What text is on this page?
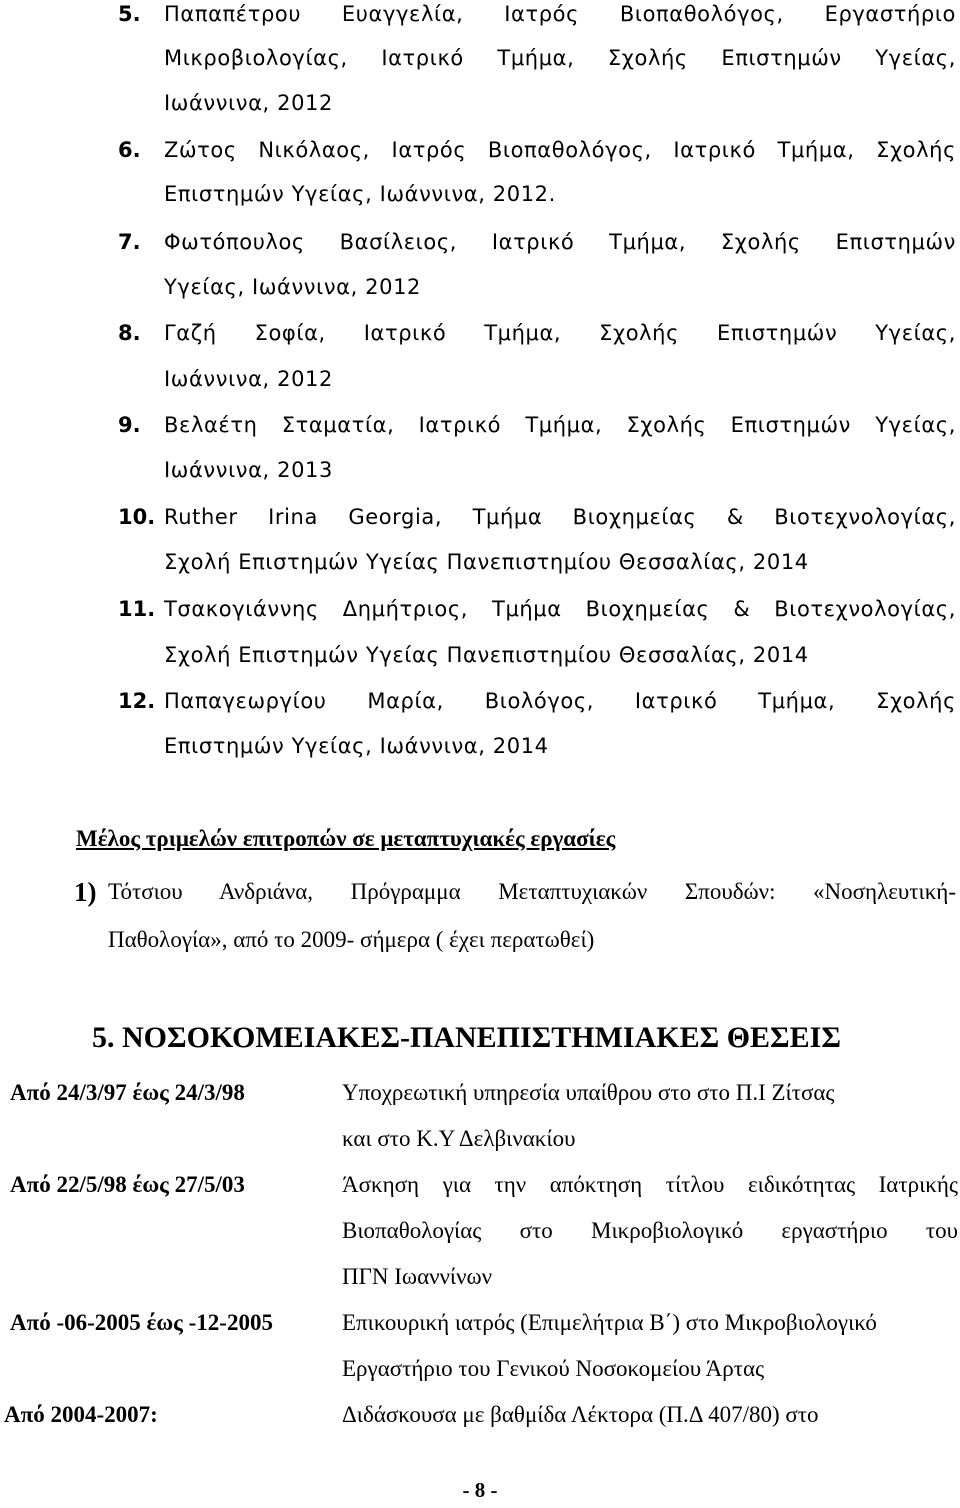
5. Παπαπέτρου Ευαγγελία, Ιατρός Βιοπαθολόγος, Εργαστήριο
Μικροβιολογίας, Ιατρικό Τμήμα, Σχολής Επιστημών Υγείας,
Ιωάννινα, 2012
6. Ζώτος Νικόλαος, Ιατρός Βιοπαθολόγος, Ιατρικό Τμήμα, Σχολής
Επιστημών Υγείας, Ιωάννινα, 2012.
7. Φωτόπουλος Βασίλειος, Ιατρικό Τμήμα, Σχολής Επιστημών
Υγείας, Ιωάννινα, 2012
8. Γαζή Σοφία, Ιατρικό Τμήμα, Σχολής Επιστημών Υγείας,
Ιωάννινα, 2012
9. Βελαέτη Σταματία, Ιατρικό Τμήμα, Σχολής Επιστημών Υγείας,
Ιωάννινα, 2013
10. Ruther Irina Georgia, Τμήμα Βιοχημείας & Βιοτεχνολογίας,
Σχολή Επιστημών Υγείας Πανεπιστημίου Θεσσαλίας, 2014
11. Τσακογιάννης Δημήτριος, Τμήμα Βιοχημείας & Βιοτεχνολογίας,
Σχολή Επιστημών Υγείας Πανεπιστημίου Θεσσαλίας, 2014
12. Παπαγεωργίου Μαρία, Βιολόγος, Ιατρικό Τμήμα, Σχολής
Επιστημών Υγείας, Ιωάννινα, 2014
Μέλος τριμελών επιτροπών σε μεταπτυχιακές εργασίες
1) Τότσιου Ανδριάνα, Πρόγραμμα Μεταπτυχιακών Σπουδών: «Νοσηλευτική-
Παθολογία», από το 2009- σήμερα ( έχει περατωθεί)
5. ΝΟΣΟΚΟΜΕΙΑΚΕΣ-ΠΑΝΕΠΙΣΤΗΜΙΑΚΕΣ ΘΕΣΕΙΣ
Από 24/3/97 έως 24/3/98	Υποχρεωτική υπηρεσία υπαίθρου στο στο Π.Ι Ζίτσας
και στο Κ.Υ Δελβινακίου
Από 22/5/98 έως 27/5/03	Άσκηση για την απόκτηση τίτλου ειδικότητας Ιατρικής
Βιοπαθολογίας στο Μικροβιολογικό εργαστήριο του
ΠΓΝ Ιωαννίνων
Από -06-2005 έως -12-2005	Επικουρική ιατρός (Επιμελήτρια Β΄) στο Μικροβιολογικό
Εργαστήριο του Γενικού Νοσοκομείου Άρτας
Από 2004-2007:	Διδάσκουσα με βαθμίδα Λέκτορα (Π.Δ 407/80) στο
- 8 -
